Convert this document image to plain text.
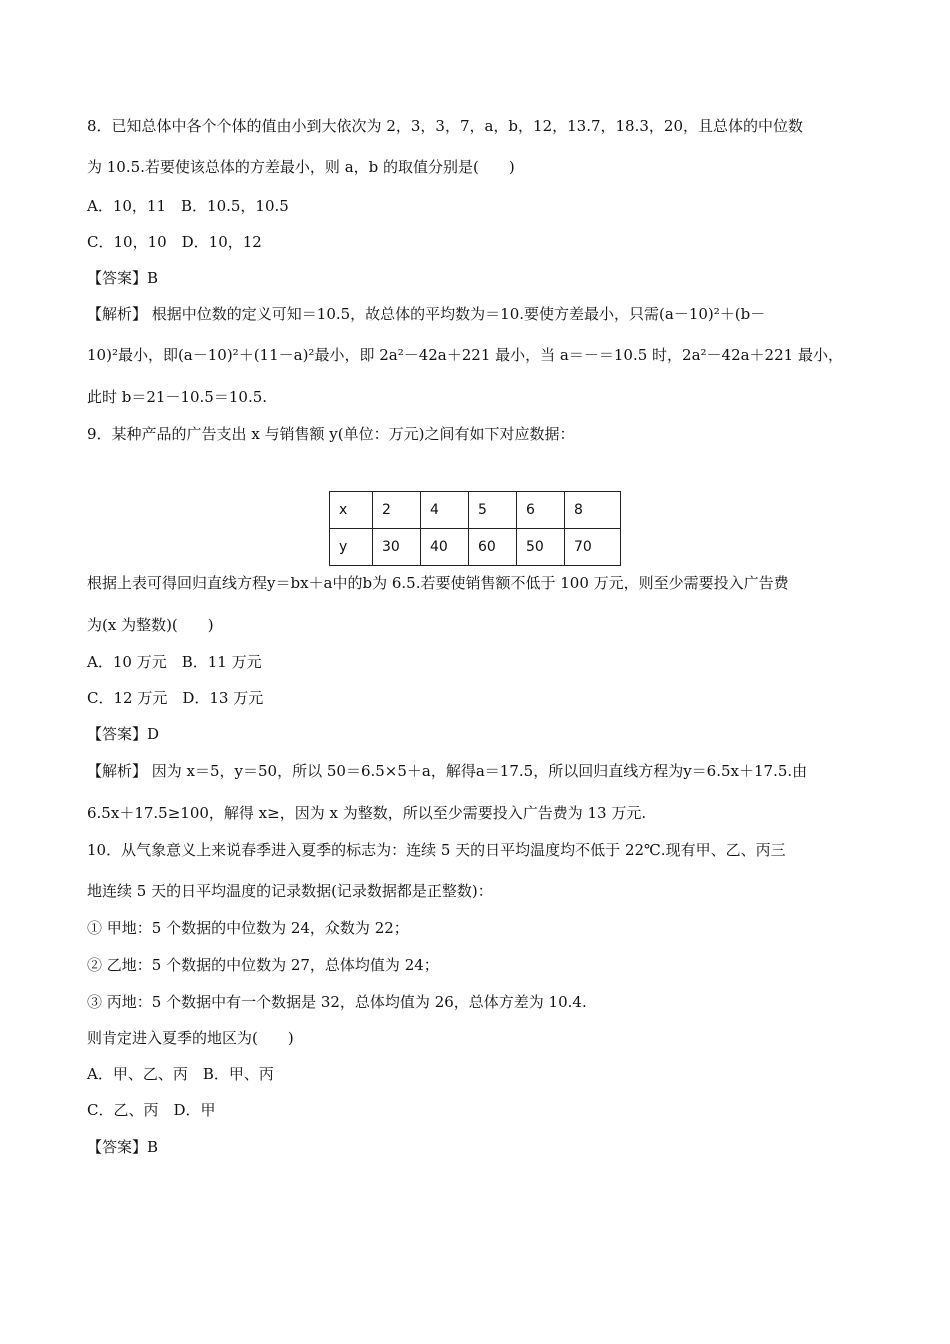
8．已知总体中各个个体的值由小到大依次为 2，3，3，7，a，b，12，13.7，18.3，20，且总体的中位数
为 10.5.若要使该总体的方差最小，则 a，b 的取值分别是(　　)
A．10，11　B．10.5，10.5
C．10，10　D．10，12
【答案】B
【解析】 根据中位数的定义可知＝10.5，故总体的平均数为＝10.要使方差最小，只需(a－10)²＋(b－
10)²最小，即(a－10)²＋(11－a)²最小，即 2a²－42a＋221 最小，当 a＝－＝10.5 时，2a²－42a＋221 最小，
此时 b＝21－10.5＝10.5.
9．某种产品的广告支出 x 与销售额 y(单位：万元)之间有如下对应数据：
x	2	4	5	6	8
y	30	40	60	50	70
根据上表可得回归直线方程y＝bx＋a中的b为 6.5.若要使销售额不低于 100 万元，则至少需要投入广告费
为(x 为整数)(　　)
A．10 万元　B．11 万元
C．12 万元　D．13 万元
【答案】D
【解析】 因为 x＝5，y＝50，所以 50＝6.5×5＋a，解得a＝17.5，所以回归直线方程为y＝6.5x＋17.5.由
6.5x＋17.5≥100，解得 x≥，因为 x 为整数，所以至少需要投入广告费为 13 万元.
10．从气象意义上来说春季进入夏季的标志为：连续 5 天的日平均温度均不低于 22℃.现有甲、乙、丙三
地连续 5 天的日平均温度的记录数据(记录数据都是正整数)：
① 甲地：5 个数据的中位数为 24，众数为 22；
② 乙地：5 个数据的中位数为 27，总体均值为 24；
③ 丙地：5 个数据中有一个数据是 32，总体均值为 26，总体方差为 10.4.
则肯定进入夏季的地区为(　　)
A．甲、乙、丙　B．甲、丙
C．乙、丙　D．甲
【答案】B
